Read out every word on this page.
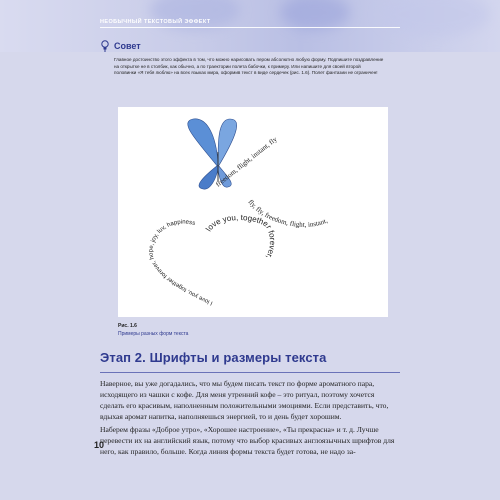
НЕОБЫЧНЫЙ ТЕКСТОВЫЙ ЭФФЕКТ
Совет
Главное достоинство этого эффекта в том, что можно нарисовать пером абсолютно любую форму. Подпишите поздравление на открытке не в столбик, как обычно, а по траектории полета бабочки, к примеру. Или напишите для своей второй половинки «Я тебя люблю» на всех языках мира, оформив текст в виде сердечек (рис. 1.6). Полет фантазии не ограничен!
freedom, flight, instant, fly
fly, fly, freedom, flight, instant,
I love you, together forever, hope, joy, luv, happiness
love you, together forever,
Рис. 1.6
Примеры разных форм текста
Этап 2. Шрифты и размеры текста
Наверное, вы уже догадались, что мы будем писать текст по форме ароматного пара, исходящего из чашки с кофе. Для меня утренний кофе – это ритуал, поэтому хочется сделать его красивым, наполненным положительными эмоциями. Если представить, что, вдыхая аромат напитка, наполняешься энергией, то и день будет хорошим.
Наберем фразы «Доброе утро», «Хорошее настроение», «Ты прекрасна» и т. д. Лучше перевести их на английский язык, потому что выбор красивых англоязычных шрифтов для него, как правило, больше. Когда линия формы текста будет готова, не надо за-
10
